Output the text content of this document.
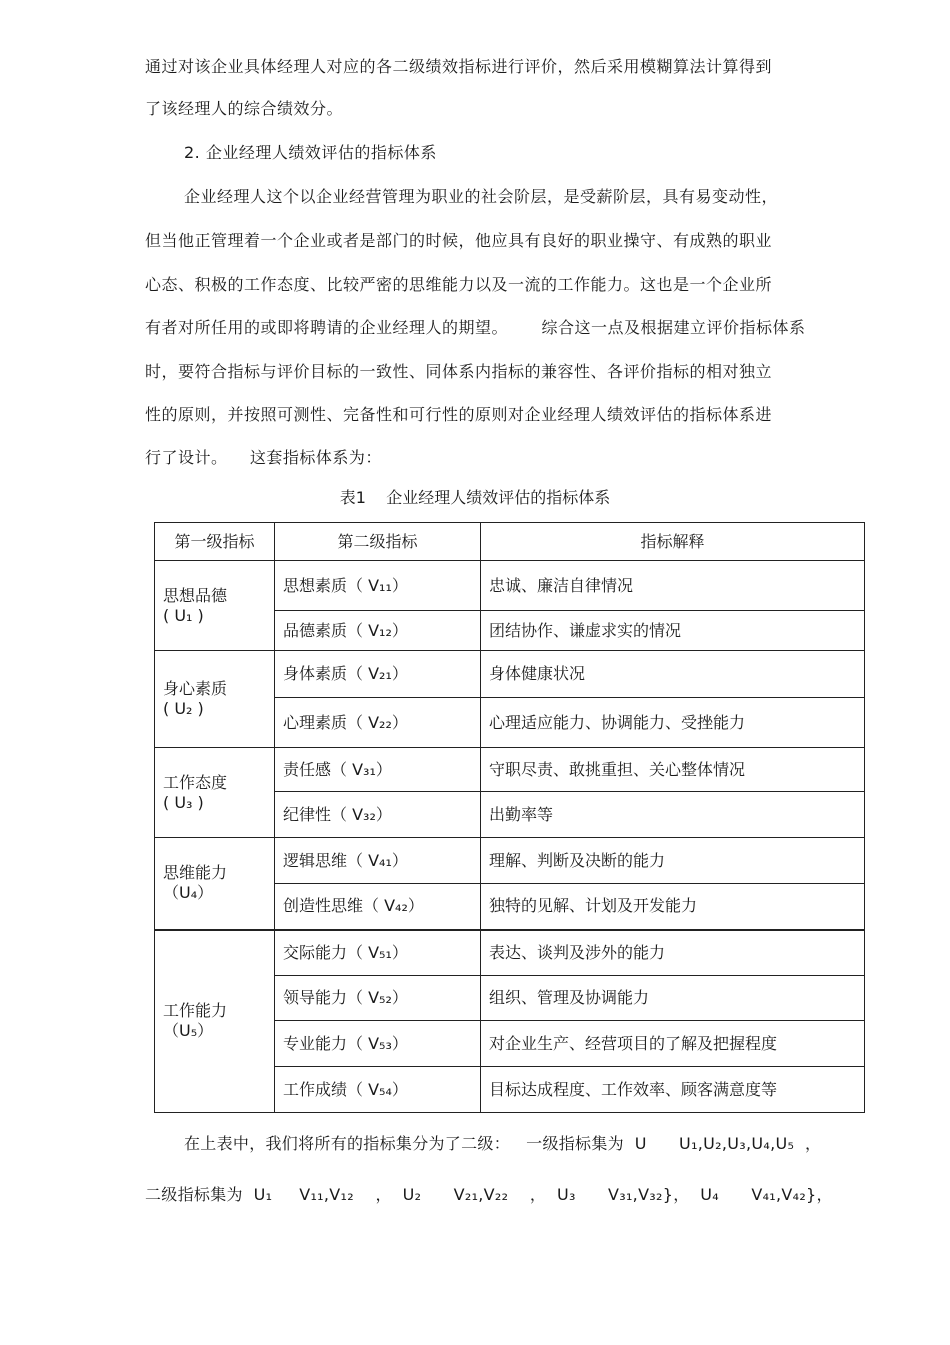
通过对该企业具体经理人对应的各二级绩效指标进行评价，然后采用模糊算法计算得到
了该经理人的综合绩效分。
2. 企业经理人绩效评估的指标体系
企业经理人这个以企业经营管理为职业的社会阶层，是受薪阶层，具有易变动性，
但当他正管理着一个企业或者是部门的时候，他应具有良好的职业操守、有成熟的职业
心态、积极的工作态度、比较严密的思维能力以及一流的工作能力。这也是一个企业所
有者对所任用的或即将聘请的企业经理人的期望。      综合这一点及根据建立评价指标体系
时，要符合指标与评价目标的一致性、同体系内指标的兼容性、各评价指标的相对独立
性的原则，并按照可测性、完备性和可行性的原则对企业经理人绩效评估的指标体系进
行了设计。    这套指标体系为：
表1    企业经理人绩效评估的指标体系
第一级指标	第二级指标	指标解释

思想品德
( U₁ )	思想素质（ V₁₁）	忠诚、廉洁自律情况
	品德素质（ V₁₂）	团结协作、谦虚求实的情况

身心素质
( U₂ )	身体素质（ V₂₁）	身体健康状况
	心理素质（ V₂₂）	心理适应能力、协调能力、受挫能力

工作态度
( U₃ )	责任感（ V₃₁）	守职尽责、敢挑重担、关心整体情况
	纪律性（ V₃₂）	出勤率等

思维能力
（U₄）	逻辑思维（ V₄₁）	理解、判断及决断的能力
	创造性思维（ V₄₂）	独特的见解、计划及开发能力

工作能力
（U₅）	交际能力（ V₅₁）	表达、谈判及涉外的能力
	领导能力（ V₅₂）	组织、管理及协调能力
	专业能力（ V₅₃）	对企业生产、经营项目的了解及把握程度
	工作成绩（ V₅₄）	目标达成程度、工作效率、顾客满意度等
在上表中，我们将所有的指标集分为了二级：   一级指标集为  U      U₁,U₂,U₃,U₄,U₅  ，
二级指标集为  U₁     V₁₁,V₁₂    ，  U₂      V₂₁,V₂₂    ，  U₃      V₃₁,V₃₂}，  U₄      V₄₁,V₄₂}，
